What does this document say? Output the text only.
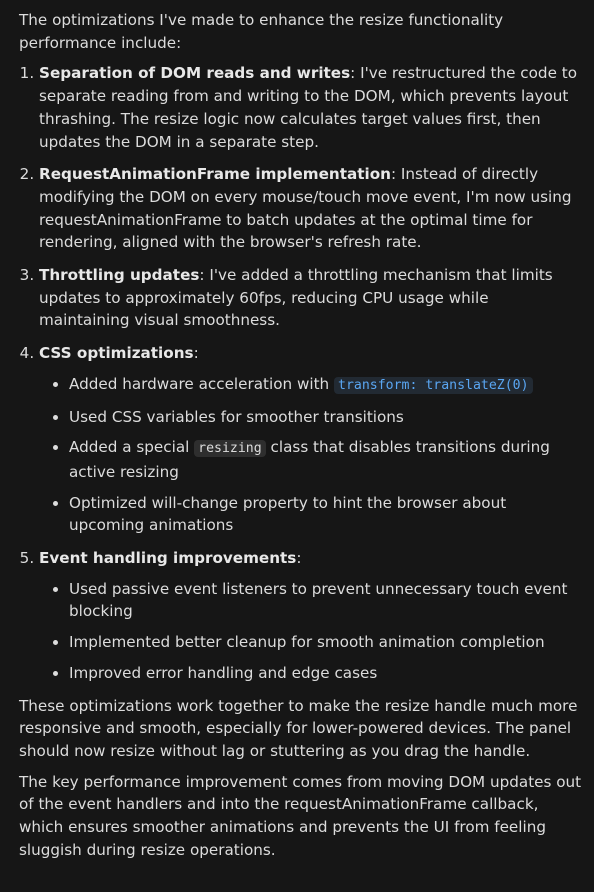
The optimizations I've made to enhance the resize functionality performance include:

1. Separation of DOM reads and writes: I've restructured the code to separate reading from and writing to the DOM, which prevents layout thrashing. The resize logic now calculates target values first, then updates the DOM in a separate step.
2. RequestAnimationFrame implementation: Instead of directly modifying the DOM on every mouse/touch move event, I'm now using requestAnimationFrame to batch updates at the optimal time for rendering, aligned with the browser's refresh rate.
3. Throttling updates: I've added a throttling mechanism that limits updates to approximately 60fps, reducing CPU usage while maintaining visual smoothness.
4. CSS optimizations:
• Added hardware acceleration with transform: translateZ(0)
• Used CSS variables for smoother transitions
• Added a special resizing class that disables transitions during active resizing
• Optimized will-change property to hint the browser about upcoming animations
5. Event handling improvements:
• Used passive event listeners to prevent unnecessary touch event blocking
• Implemented better cleanup for smooth animation completion
• Improved error handling and edge cases

These optimizations work together to make the resize handle much more responsive and smooth, especially for lower-powered devices. The panel should now resize without lag or stuttering as you drag the handle.

The key performance improvement comes from moving DOM updates out of the event handlers and into the requestAnimationFrame callback, which ensures smoother animations and prevents the UI from feeling sluggish during resize operations.
